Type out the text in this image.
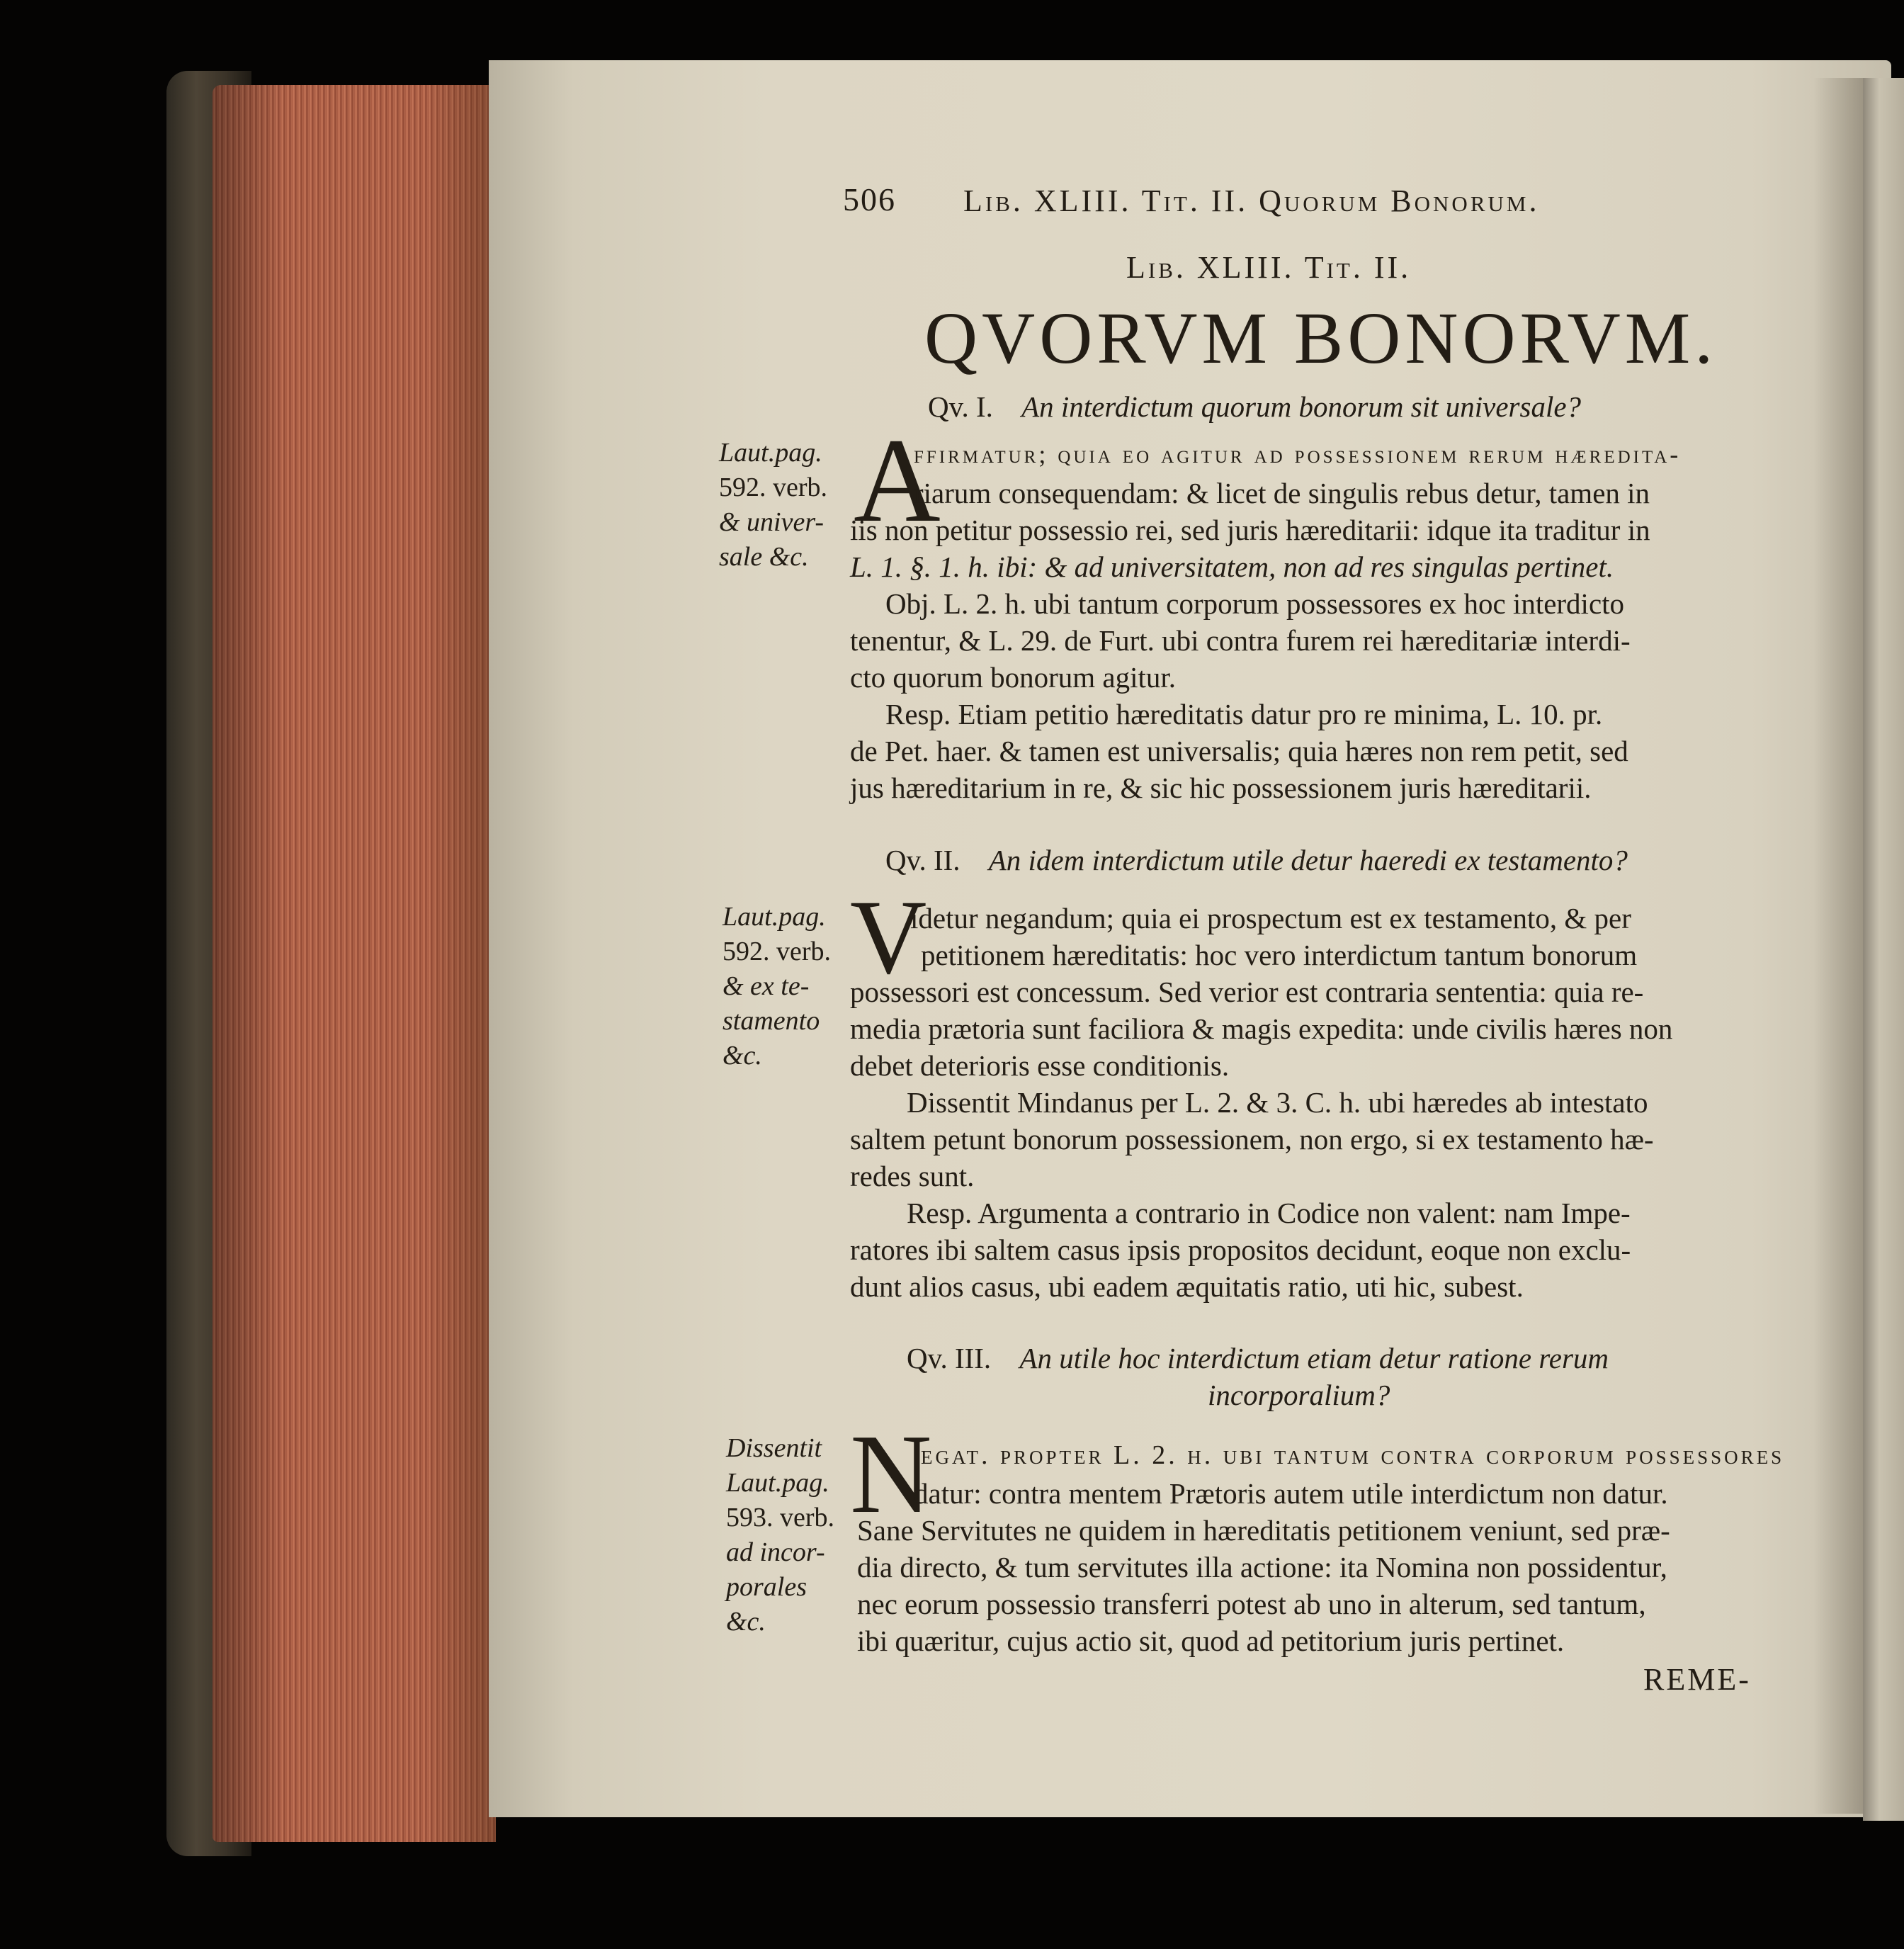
506 Lib. XLIII. Tit. II. Quorum Bonorum.
Lib. XLIII. Tit. II.
QVORVM BONORVM.
Qv. I. An interdictum quorum bonorum sit universale?
Laut.pag.
592. verb.
& univer-
sale &c.
A
ffirmatur; quia eo agitur ad possessionem rerum hæredita-
riarum consequendam: & licet de singulis rebus detur, tamen in
iis non petitur possessio rei, sed juris hæreditarii: idque ita traditur in
L. 1. §. 1. h. ibi: & ad universitatem, non ad res singulas pertinet.
Obj. L. 2. h. ubi tantum corporum possessores ex hoc interdicto
tenentur, & L. 29. de Furt. ubi contra furem rei hæreditariæ interdi-
cto quorum bonorum agitur.
Resp. Etiam petitio hæreditatis datur pro re minima, L. 10. pr.
de Pet. haer. & tamen est universalis; quia hæres non rem petit, sed
jus hæreditarium in re, & sic hic possessionem juris hæreditarii.
Qv. II. An idem interdictum utile detur haeredi ex testamento?
Laut.pag.
592. verb.
& ex te-
stamento
&c.
V
idetur negandum; quia ei prospectum est ex testamento, & per
petitionem hæreditatis: hoc vero interdictum tantum bonorum
possessori est concessum. Sed verior est contraria sententia: quia re-
media prætoria sunt faciliora & magis expedita: unde civilis hæres non
debet deterioris esse conditionis.
Dissentit Mindanus per L. 2. & 3. C. h. ubi hæredes ab intestato
saltem petunt bonorum possessionem, non ergo, si ex testamento hæ-
redes sunt.
Resp. Argumenta a contrario in Codice non valent: nam Impe-
ratores ibi saltem casus ipsis propositos decidunt, eoque non exclu-
dunt alios casus, ubi eadem æquitatis ratio, uti hic, subest.
Qv. III. An utile hoc interdictum etiam detur ratione rerum
incorporalium?
Dissentit
Laut.pag.
593. verb.
ad incor-
porales
&c.
N
egat. propter L. 2. h. ubi tantum contra corporum possessores
datur: contra mentem Prætoris autem utile interdictum non datur.
Sane Servitutes ne quidem in hæreditatis petitionem veniunt, sed præ-
dia directo, & tum servitutes illa actione: ita Nomina non possidentur,
nec eorum possessio transferri potest ab uno in alterum, sed tantum,
ibi quæritur, cujus actio sit, quod ad petitorium juris pertinet.
REME-
